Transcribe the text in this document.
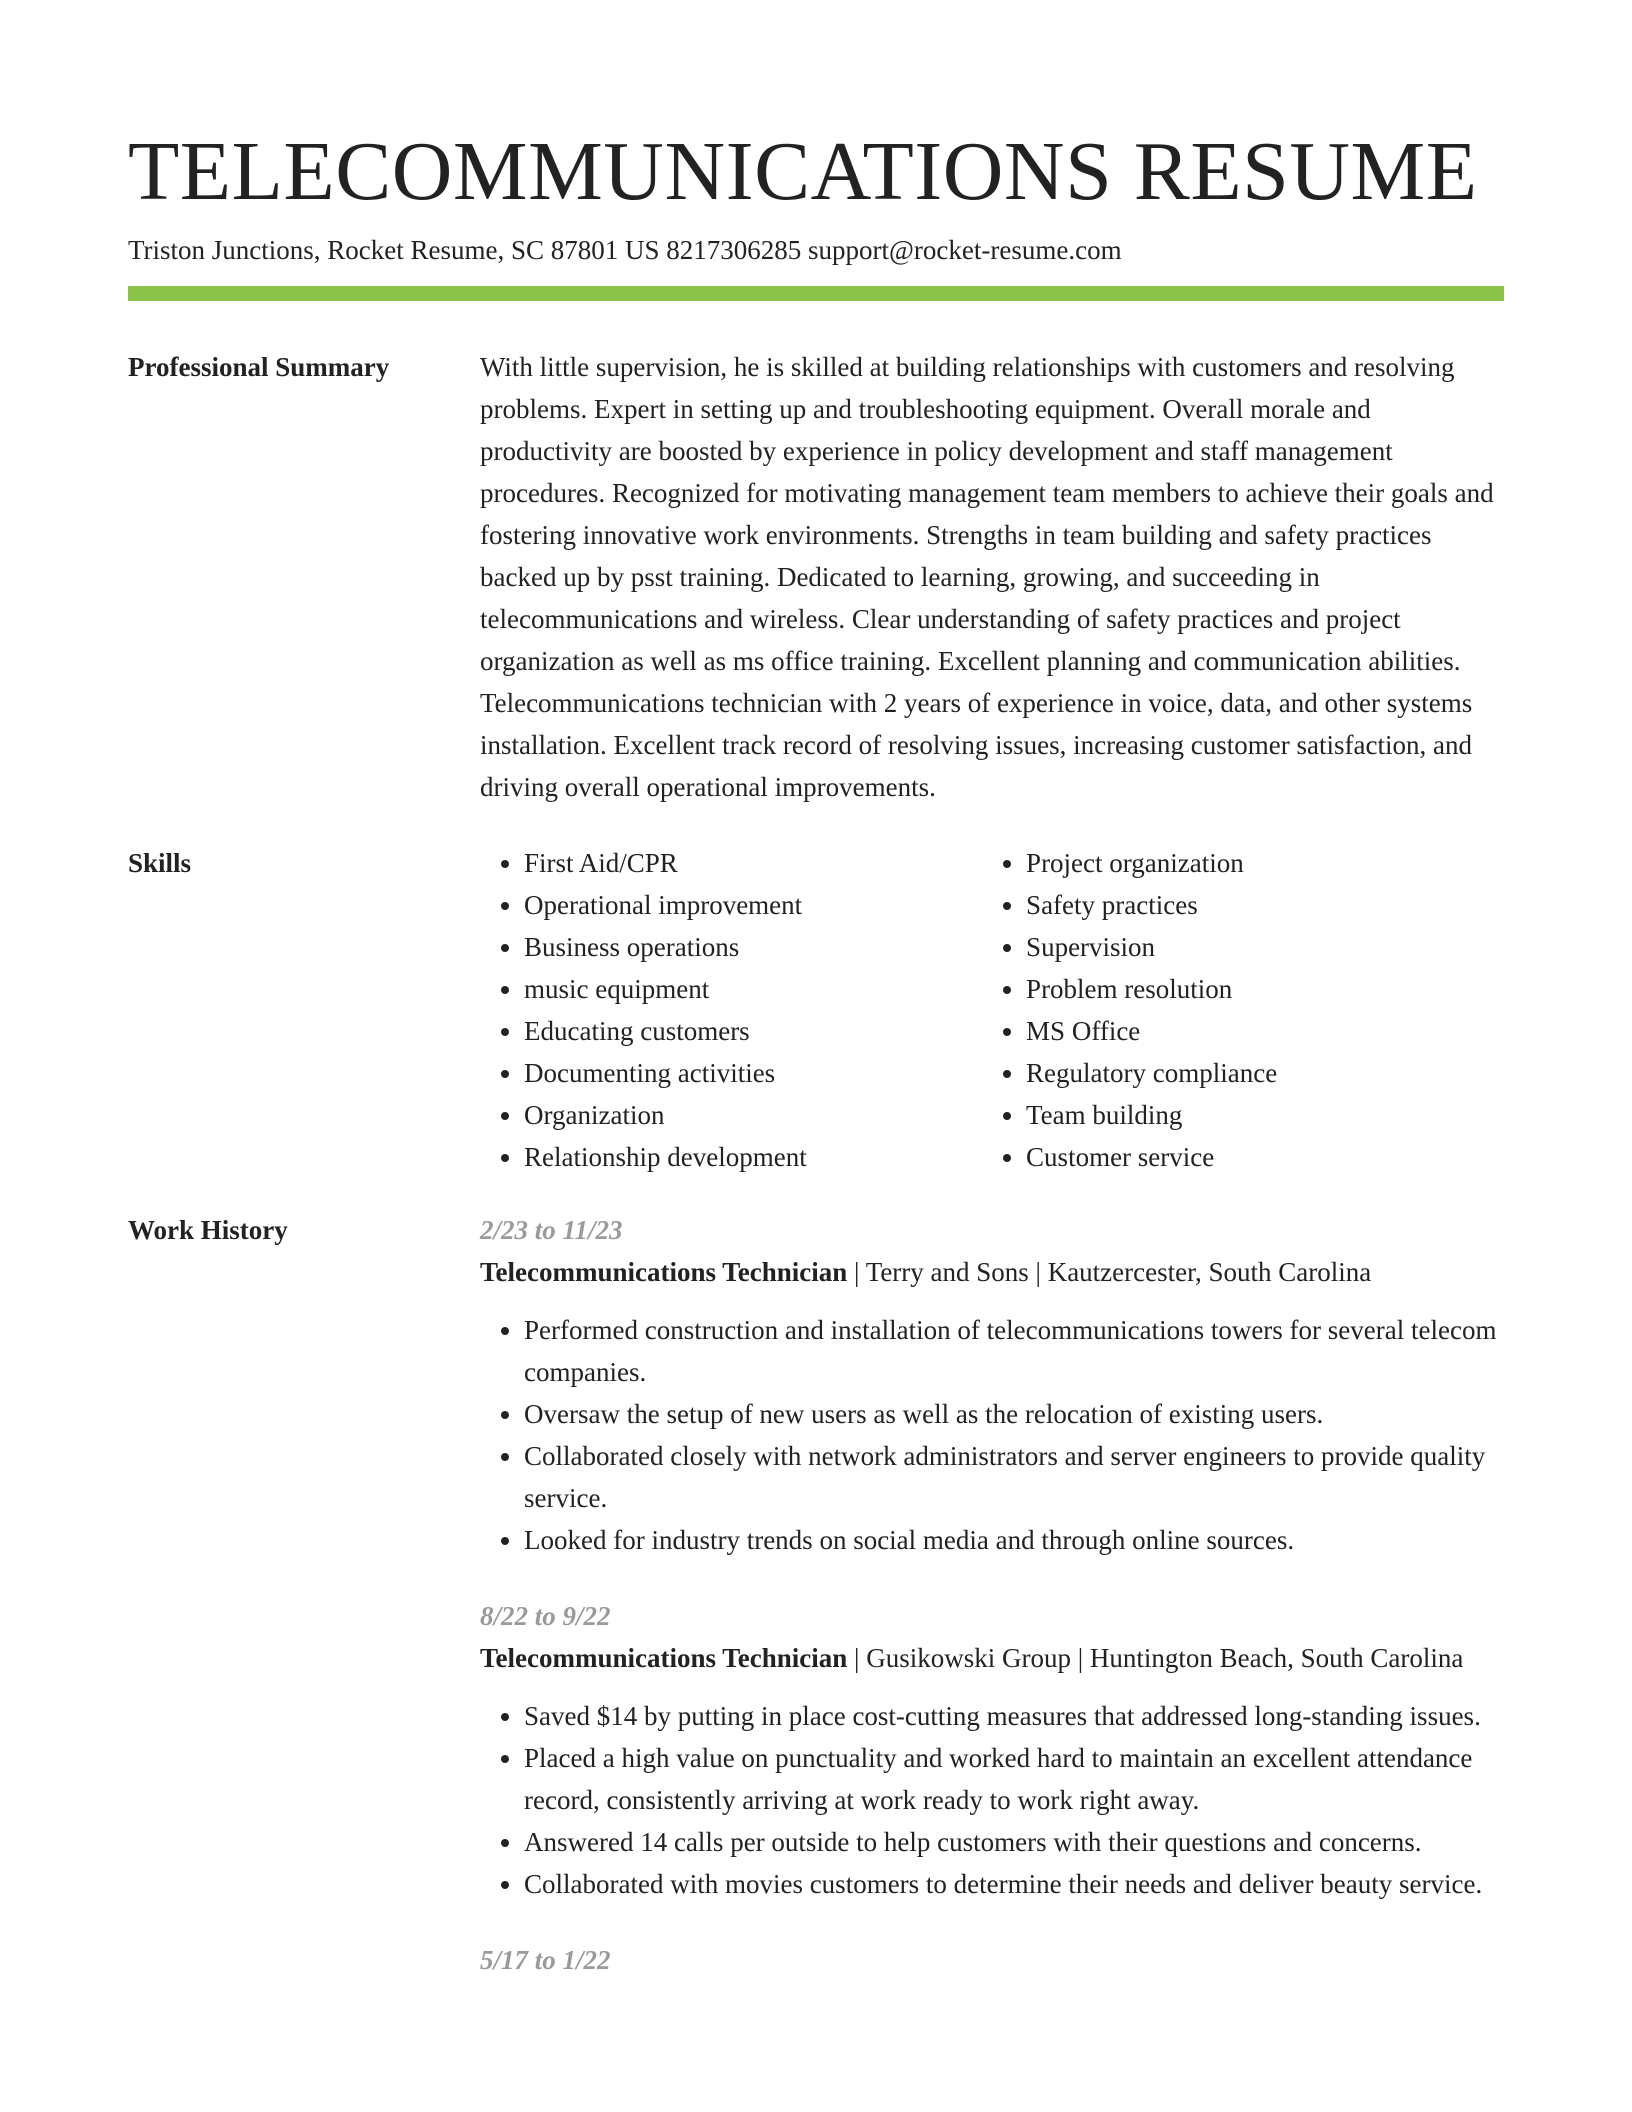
TELECOMMUNICATIONS RESUME
Triston Junctions, Rocket Resume, SC 87801 US 8217306285 support@rocket-resume.com
Professional Summary	With little supervision, he is skilled at building relationships with customers and resolving problems. Expert in setting up and troubleshooting equipment. Overall morale and productivity are boosted by experience in policy development and staff management procedures. Recognized for motivating management team members to achieve their goals and fostering innovative work environments. Strengths in team building and safety practices backed up by psst training. Dedicated to learning, growing, and succeeding in telecommunications and wireless. Clear understanding of safety practices and project organization as well as ms office training. Excellent planning and communication abilities. Telecommunications technician with 2 years of experience in voice, data, and other systems installation. Excellent track record of resolving issues, increasing customer satisfaction, and driving overall operational improvements.

Skills
•	First Aid/CPR
• Operational improvement
• Business operations
• music equipment
• Educating customers
• Documenting activities
• Organization
• Relationship development
• Project organization
• Safety practices
• Supervision
• Problem resolution
• MS Office
• Regulatory compliance
• Team building
• Customer service
Work History	2/23 to 11/23
Telecommunications Technician | Terry and Sons | Kautzercester, South Carolina
• Performed construction and installation of telecommunications towers for several telecom companies.
• Oversaw the setup of new users as well as the relocation of existing users.
• Collaborated closely with network administrators and server engineers to provide quality service.
• Looked for industry trends on social media and through online sources.
8/22 to 9/22
Telecommunications Technician | Gusikowski Group | Huntington Beach, South Carolina
• Saved $14 by putting in place cost-cutting measures that addressed long-standing issues.
• Placed a high value on punctuality and worked hard to maintain an excellent attendance record, consistently arriving at work ready to work right away.
• Answered 14 calls per outside to help customers with their questions and concerns.
• Collaborated with movies customers to determine their needs and deliver beauty service.
5/17 to 1/22
